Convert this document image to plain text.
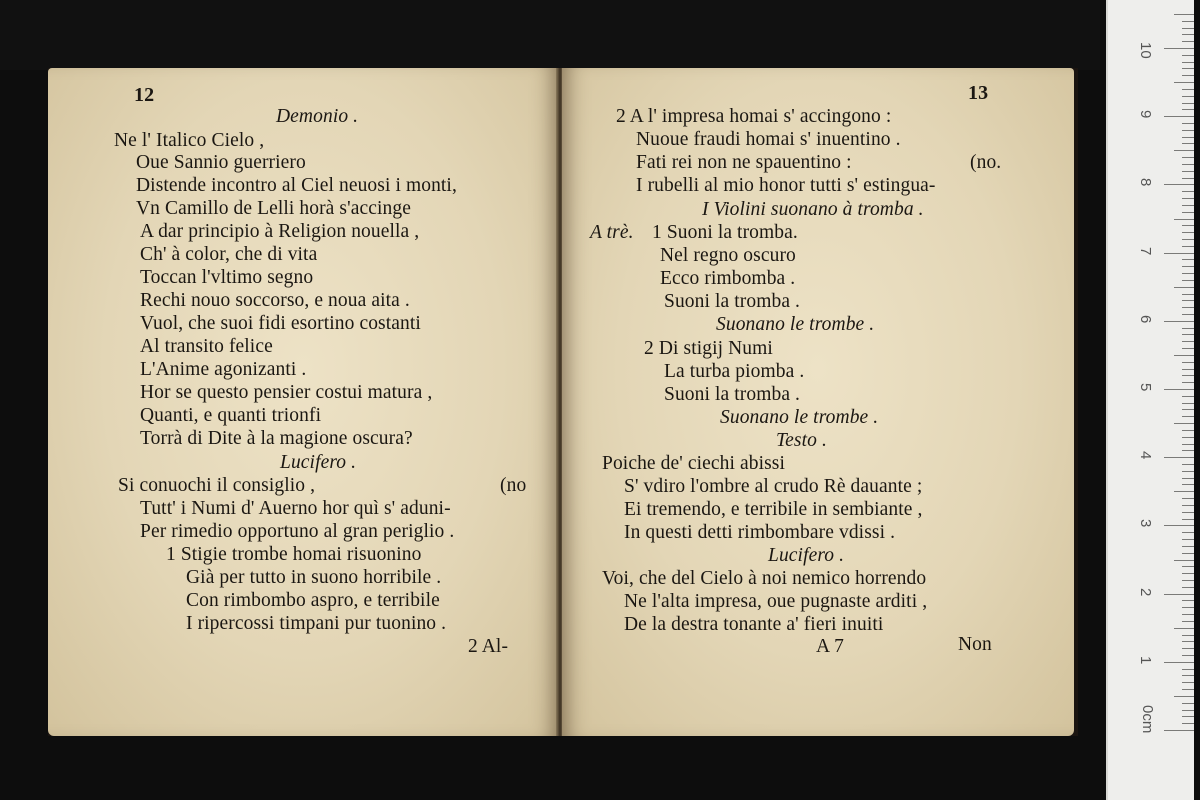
12
Demonio .
Ne l' Italico Cielo ,
Oue Sannio guerriero
Distende incontro al Ciel neuosi i monti,
Vn Camillo de Lelli horà s'accinge
A dar principio à Religion nouella ,
Ch' à color, che di vita
Toccan l'vltimo segno
Rechi nouo soccorso, e noua aita .
Vuol, che suoi fidi esortino costanti
Al transito felice
L'Anime agonizanti .
Hor se questo pensier costui matura ,
Quanti, e quanti trionfi
Torrà di Dite à la magione oscura?
Lucifero .
Si conuochi il consiglio ,	(no
Tutt' i Numi d' Auerno hor quì s' aduni-
Per rimedio opportuno al gran periglio .
1 Stigie trombe homai risuonino
Già per tutto in suono horribile .
Con rimbombo aspro, e terribile
I ripercossi timpani pur tuonino .
2 Al-
13
2 A l' impresa homai s' accingono :
Nuoue fraudi homai s' inuentino .
Fati rei non ne spauentino :	(no.
I rubelli al mio honor tutti s' estingua-
I Violini suonano à tromba .
A trè. 1 Suoni la tromba.
Nel regno oscuro
Ecco rimbomba .
Suoni la tromba .
Suonano le trombe .
2 Di stigij Numi
La turba piomba .
Suoni la tromba .
Suonano le trombe .
Testo .
Poiche de' ciechi abissi
S' vdiro l'ombre al crudo Rè dauante ;
Ei tremendo, e terribile in sembiante ,
In questi detti rimbombare vdissi .
Lucifero .
Voi, che del Cielo à noi nemico horrendo
Ne l'alta impresa, oue pugnaste arditi ,
De la destra tonante a' fieri inuiti
A 7	Non
0cm
1
2
3
4
5
6
7
8
9
10
